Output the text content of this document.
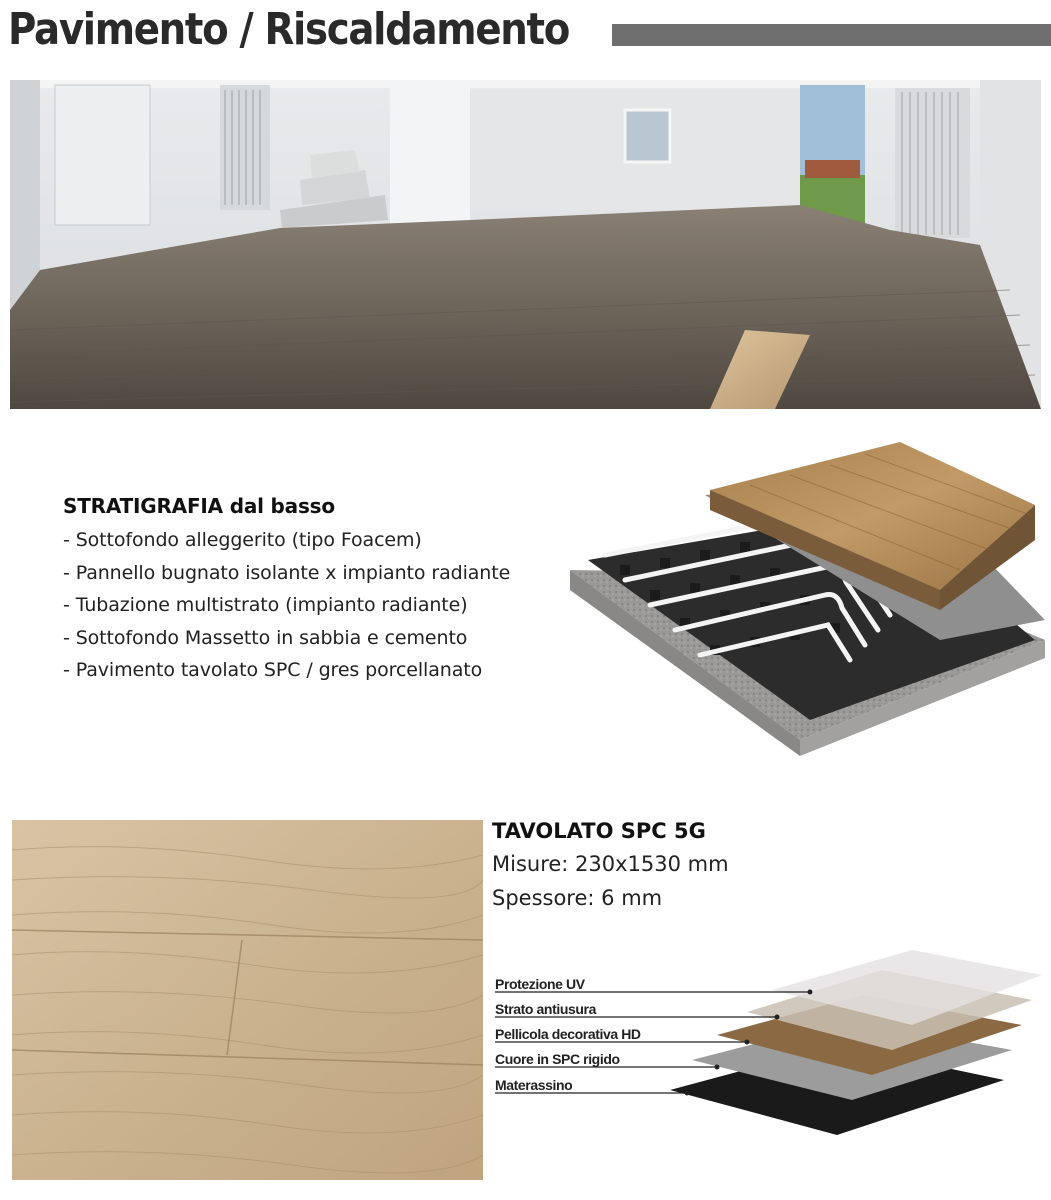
Pavimento / Riscaldamento
STRATIGRAFIA dal basso
- Sottofondo alleggerito (tipo Foacem)
- Pannello bugnato isolante x impianto radiante
- Tubazione multistrato (impianto radiante)
- Sottofondo Massetto in sabbia e cemento
- Pavimento tavolato SPC / gres porcellanato
TAVOLATO SPC 5G
Misure: 230x1530 mm
Spessore: 6 mm
Protezione UV
Strato antiusura
Pellicola decorativa HD
Cuore in SPC rigido
Materassino
